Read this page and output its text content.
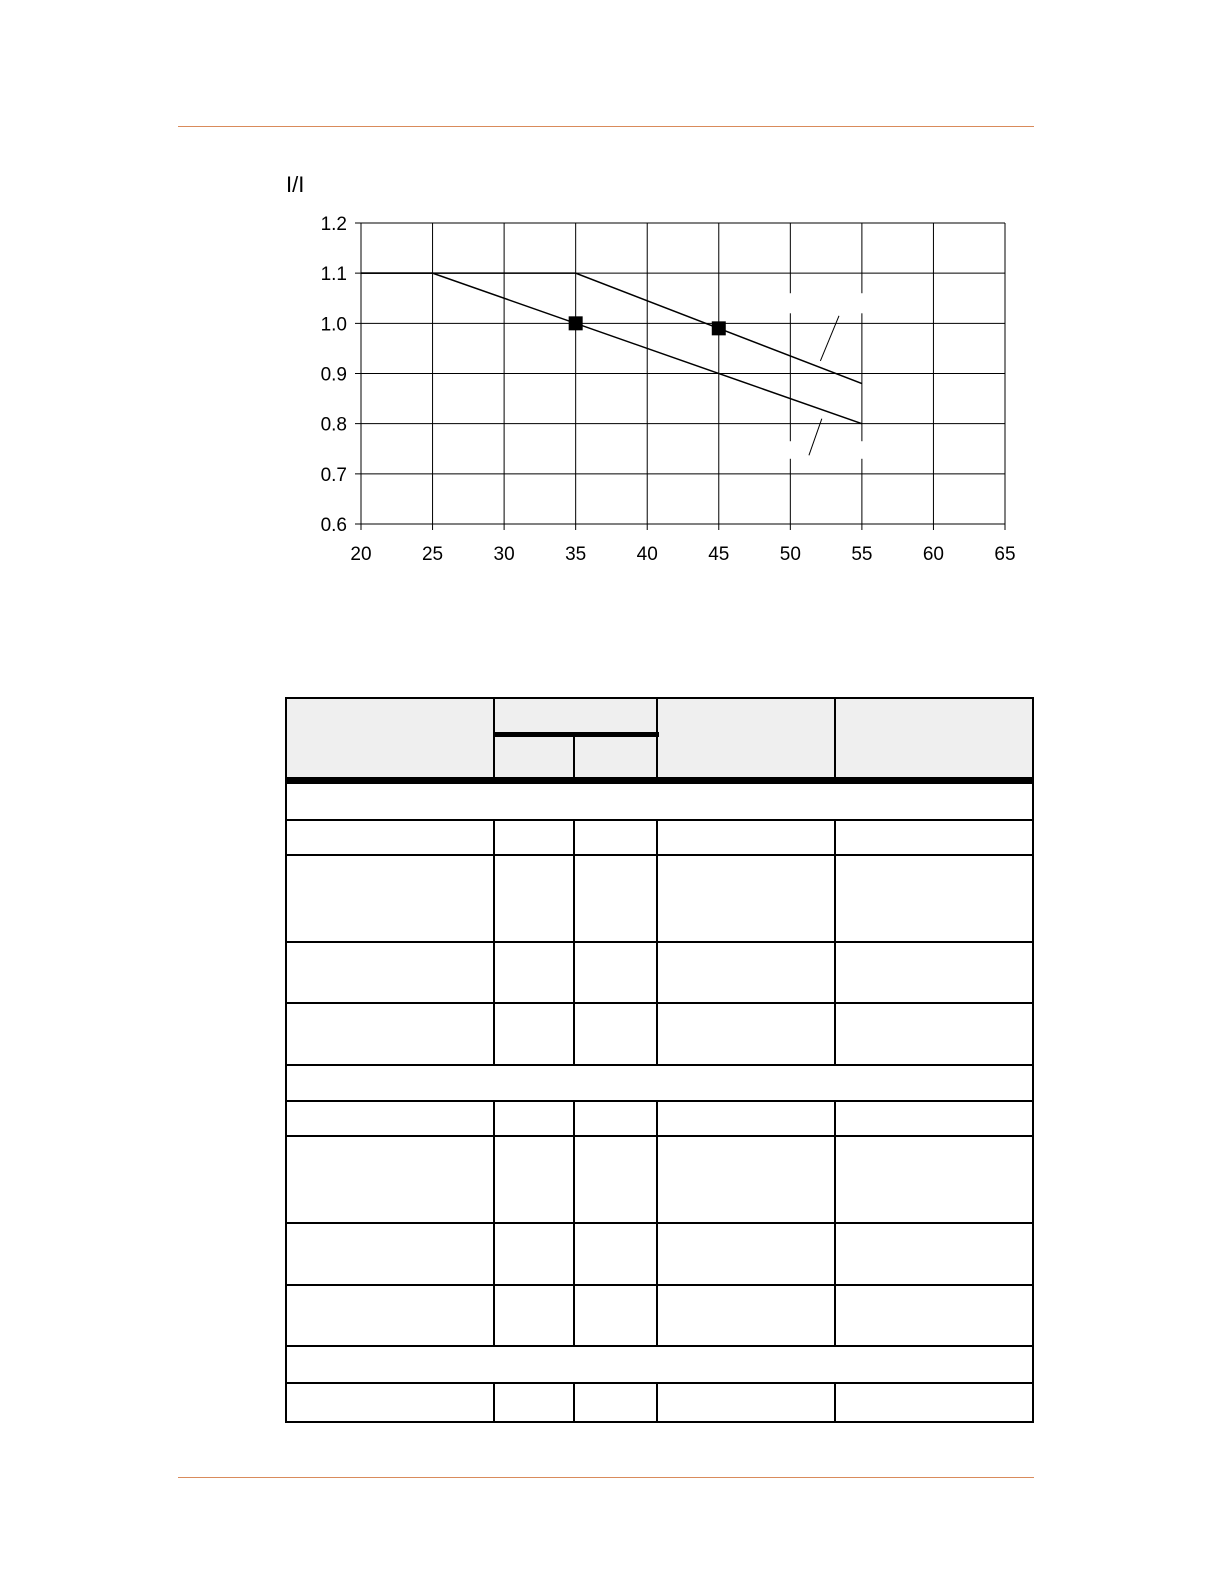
I/I
20	25	30	35	40	45	50	55	60	65
0.6
0.7
0.8
0.9
1.0
1.1
1.2
